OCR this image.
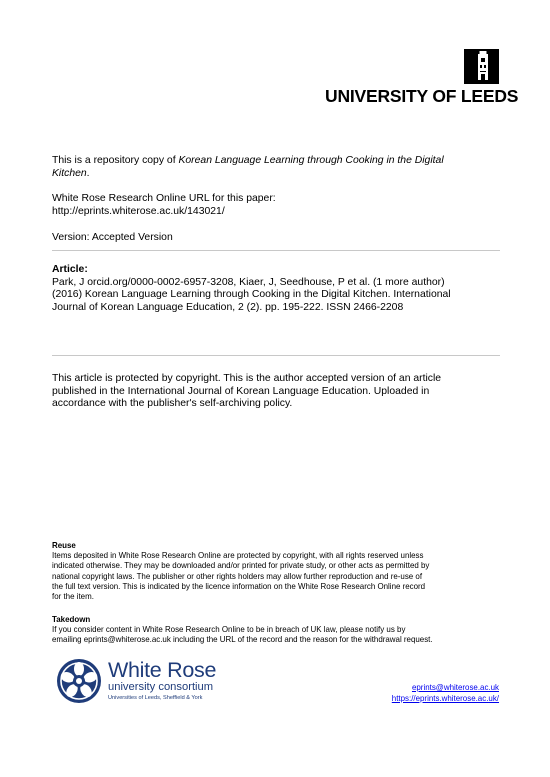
UNIVERSITY OF LEEDS

This is a repository copy of Korean Language Learning through Cooking in the Digital

Kitchen.

White Rose Research Online URL for this paper:

http://eprints.whiterose.ac.uk/143021/

Version: Accepted Version

Article:

Park, J orcid.org/0000-0002-6957-3208, Kiaer, J, Seedhouse, P et al. (1 more author)

(2016) Korean Language Learning through Cooking in the Digital Kitchen. International

Journal of Korean Language Education, 2 (2). pp. 195-222. ISSN 2466-2208

This article is protected by copyright. This is the author accepted version of an article

published in the International Journal of Korean Language Education. Uploaded in

accordance with the publisher's self-archiving policy.

Reuse

Items deposited in White Rose Research Online are protected by copyright, with all rights reserved unless

indicated otherwise. They may be downloaded and/or printed for private study, or other acts as permitted by

national copyright laws. The publisher or other rights holders may allow further reproduction and re-use of

the full text version. This is indicated by the licence information on the White Rose Research Online record

for the item.

Takedown

If you consider content in White Rose Research Online to be in breach of UK law, please notify us by

emailing eprints@whiterose.ac.uk including the URL of the record and the reason for the withdrawal request.

White Rose
university consortium
Universities of Leeds, Sheffield & York
eprints@whiterose.ac.uk
https://eprints.whiterose.ac.uk/
